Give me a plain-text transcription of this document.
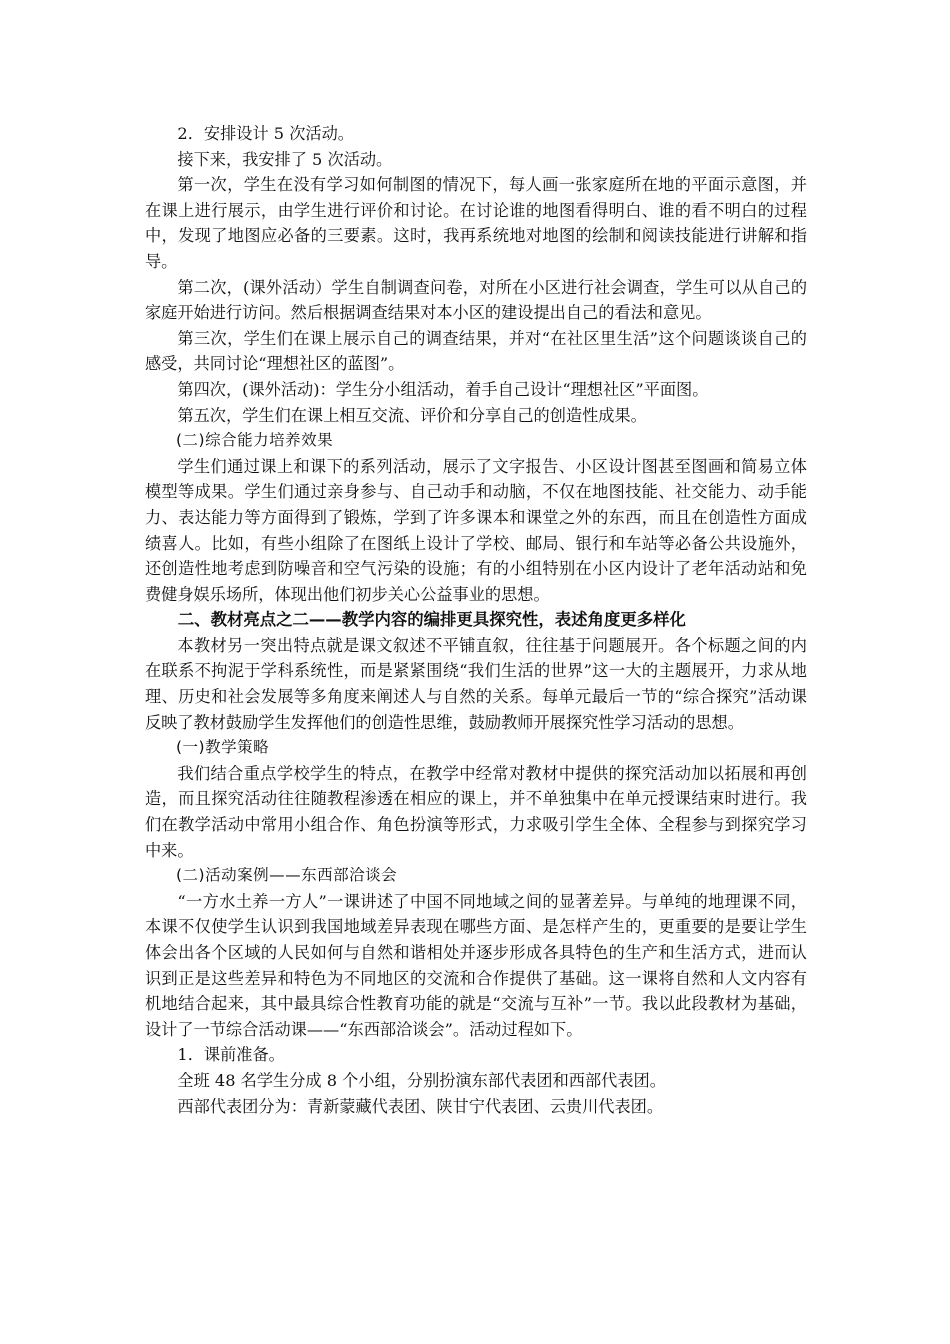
2．安排设计 5 次活动。

接下来，我安排了 5 次活动。

第一次，学生在没有学习如何制图的情况下，每人画一张家庭所在地的平面示意图，并在课上进行展示，由学生进行评价和讨论。在讨论谁的地图看得明白、谁的看不明白的过程中，发现了地图应必备的三要素。这时，我再系统地对地图的绘制和阅读技能进行讲解和指导。

第二次，(课外活动）学生自制调查问卷，对所在小区进行社会调查，学生可以从自己的家庭开始进行访问。然后根据调查结果对本小区的建设提出自己的看法和意见。

第三次，学生们在课上展示自己的调查结果，并对“在社区里生活”这个问题谈谈自己的感受，共同讨论“理想社区的蓝图”。

第四次，(课外活动)：学生分小组活动，着手自己设计“理想社区”平面图。

第五次，学生们在课上相互交流、评价和分享自己的创造性成果。

(二)综合能力培养效果

学生们通过课上和课下的系列活动，展示了文字报告、小区设计图甚至图画和简易立体模型等成果。学生们通过亲身参与、自己动手和动脑，不仅在地图技能、社交能力、动手能力、表达能力等方面得到了锻炼，学到了许多课本和课堂之外的东西，而且在创造性方面成绩喜人。比如，有些小组除了在图纸上设计了学校、邮局、银行和车站等必备公共设施外，还创造性地考虑到防噪音和空气污染的设施；有的小组特别在小区内设计了老年活动站和免费健身娱乐场所，体现出他们初步关心公益事业的思想。

二、教材亮点之二——教学内容的编排更具探究性，表述角度更多样化

本教材另一突出特点就是课文叙述不平铺直叙，往往基于问题展开。各个标题之间的内在联系不拘泥于学科系统性，而是紧紧围绕“我们生活的世界”这一大的主题展开，力求从地理、历史和社会发展等多角度来阐述人与自然的关系。每单元最后一节的“综合探究”活动课反映了教材鼓励学生发挥他们的创造性思维，鼓励教师开展探究性学习活动的思想。

(一)教学策略

我们结合重点学校学生的特点，在教学中经常对教材中提供的探究活动加以拓展和再创造，而且探究活动往往随教程渗透在相应的课上，并不单独集中在单元授课结束时进行。我们在教学活动中常用小组合作、角色扮演等形式，力求吸引学生全体、全程参与到探究学习中来。

(二)活动案例——东西部洽谈会

“一方水土养一方人”一课讲述了中国不同地域之间的显著差异。与单纯的地理课不同，本课不仅使学生认识到我国地域差异表现在哪些方面、是怎样产生的，更重要的是要让学生体会出各个区域的人民如何与自然和谐相处并逐步形成各具特色的生产和生活方式，进而认识到正是这些差异和特色为不同地区的交流和合作提供了基础。这一课将自然和人文内容有机地结合起来，其中最具综合性教育功能的就是“交流与互补”一节。我以此段教材为基础，设计了一节综合活动课——“东西部洽谈会”。活动过程如下。

1．课前准备。

全班 48 名学生分成 8 个小组，分别扮演东部代表团和西部代表团。

西部代表团分为：青新蒙藏代表团、陕甘宁代表团、云贵川代表团。
